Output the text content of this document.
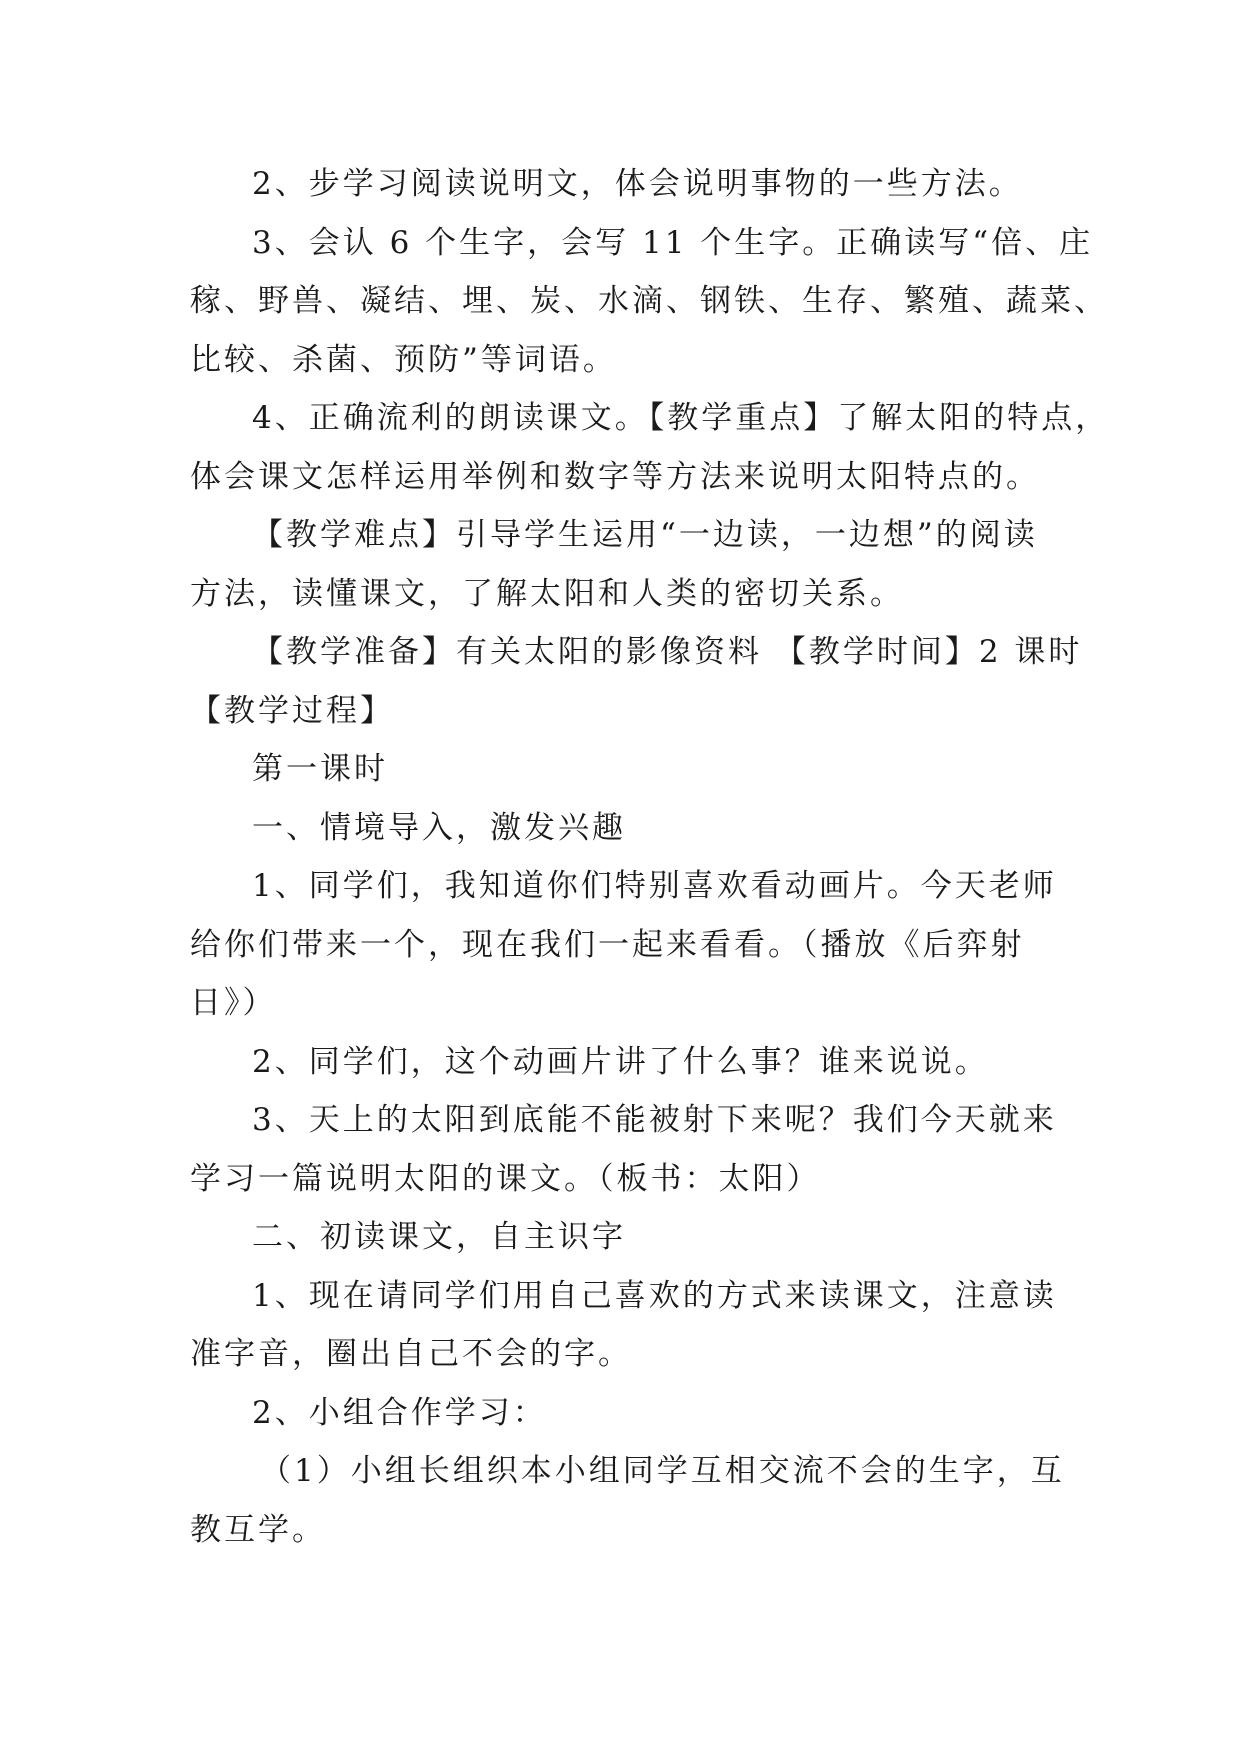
2、步学习阅读说明文，体会说明事物的一些方法。

3、会认 6 个生字，会写 11 个生字。正确读写“倍、庄

稼、野兽、凝结、埋、炭、水滴、钢铁、生存、繁殖、蔬菜、

比较、杀菌、预防”等词语。

4、正确流利的朗读课文。【教学重点】了解太阳的特点，

体会课文怎样运用举例和数字等方法来说明太阳特点的。

【教学难点】引导学生运用“一边读，一边想”的阅读

方法，读懂课文，了解太阳和人类的密切关系。

【教学准备】有关太阳的影像资料 【教学时间】2 课时

【教学过程】

第一课时

一、情境导入，激发兴趣

1、同学们，我知道你们特别喜欢看动画片。今天老师

给你们带来一个，现在我们一起来看看。（播放《后弈射

日》）

2、同学们，这个动画片讲了什么事？谁来说说。

3、天上的太阳到底能不能被射下来呢？我们今天就来

学习一篇说明太阳的课文。（板书：太阳）

二、初读课文，自主识字

1、现在请同学们用自己喜欢的方式来读课文，注意读

准字音，圈出自己不会的字。

2、小组合作学习：

（1）小组长组织本小组同学互相交流不会的生字，互

教互学。
